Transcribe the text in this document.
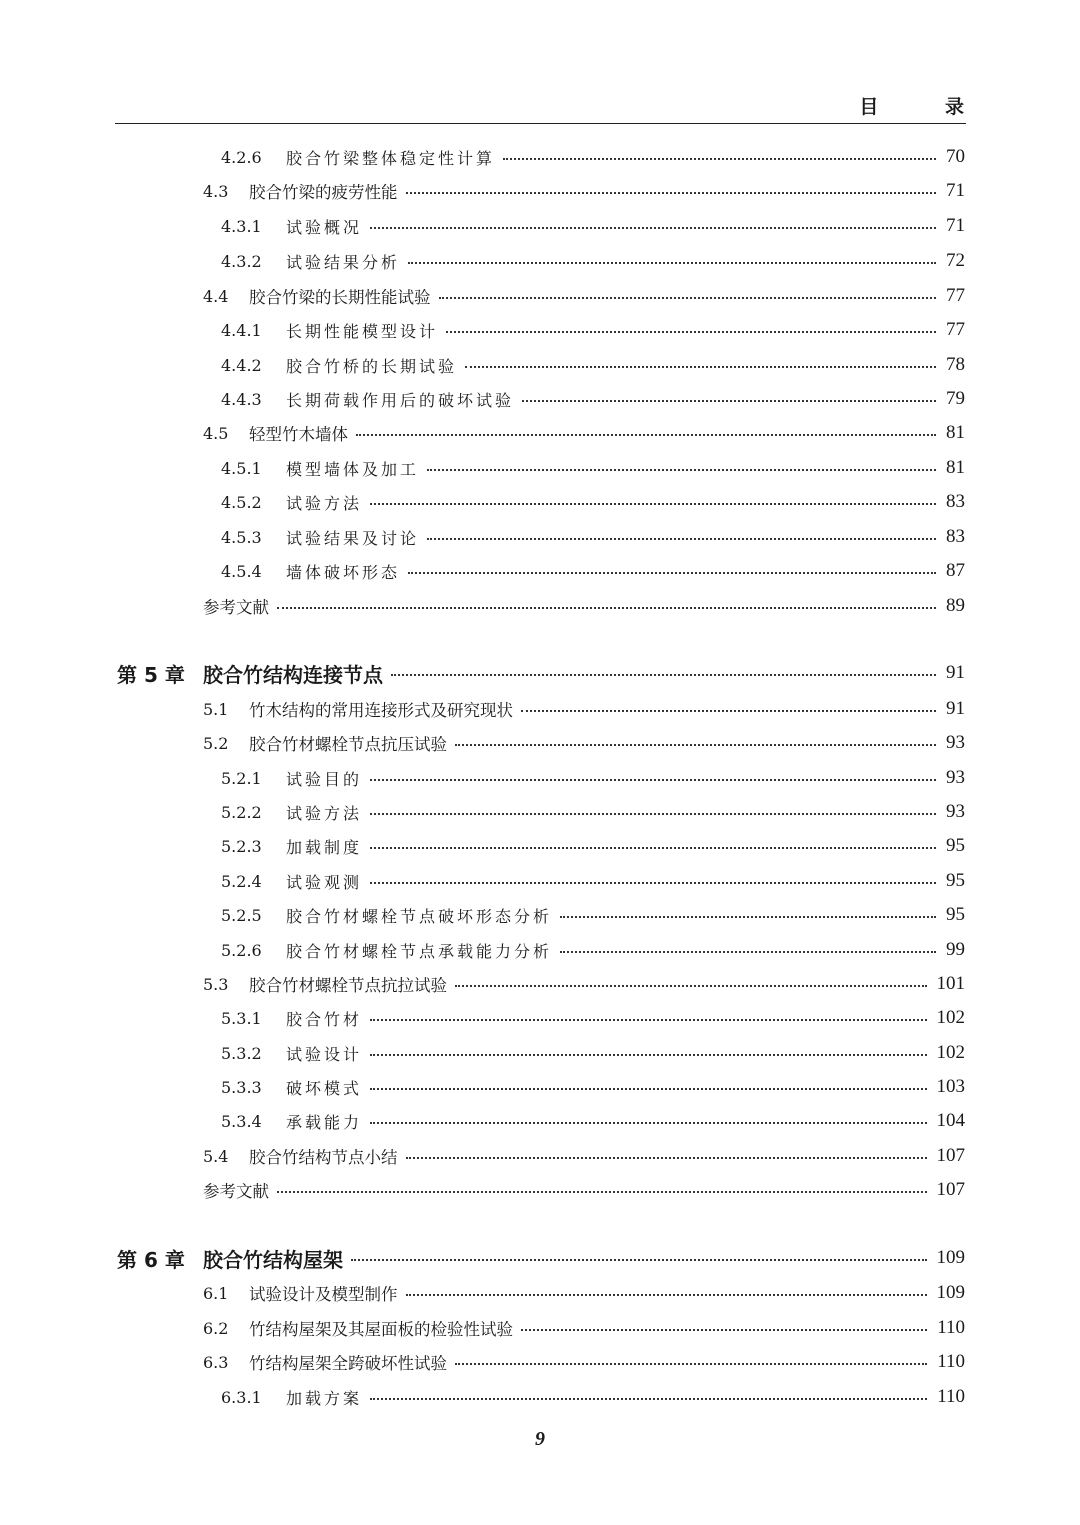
目 录
4.2.6	胶合竹梁整体稳定性计算	70
4.3	胶合竹梁的疲劳性能	71
4.3.1	试验概况	71
4.3.2	试验结果分析	72
4.4	胶合竹梁的长期性能试验	77
4.4.1	长期性能模型设计	77
4.4.2	胶合竹桥的长期试验	78
4.4.3	长期荷载作用后的破坏试验	79
4.5	轻型竹木墙体	81
4.5.1	模型墙体及加工	81
4.5.2	试验方法	83
4.5.3	试验结果及讨论	83
4.5.4	墙体破坏形态	87
参考文献	89
第 5 章 胶合竹结构连接节点	91
5.1	竹木结构的常用连接形式及研究现状	91
5.2	胶合竹材螺栓节点抗压试验	93
5.2.1	试验目的	93
5.2.2	试验方法	93
5.2.3	加载制度	95
5.2.4	试验观测	95
5.2.5	胶合竹材螺栓节点破坏形态分析	95
5.2.6	胶合竹材螺栓节点承载能力分析	99
5.3	胶合竹材螺栓节点抗拉试验	101
5.3.1	胶合竹材	102
5.3.2	试验设计	102
5.3.3	破坏模式	103
5.3.4	承载能力	104
5.4	胶合竹结构节点小结	107
参考文献	107
第 6 章 胶合竹结构屋架	109
6.1	试验设计及模型制作	109
6.2	竹结构屋架及其屋面板的检验性试验	110
6.3	竹结构屋架全跨破坏性试验	110
6.3.1	加载方案	110
9
